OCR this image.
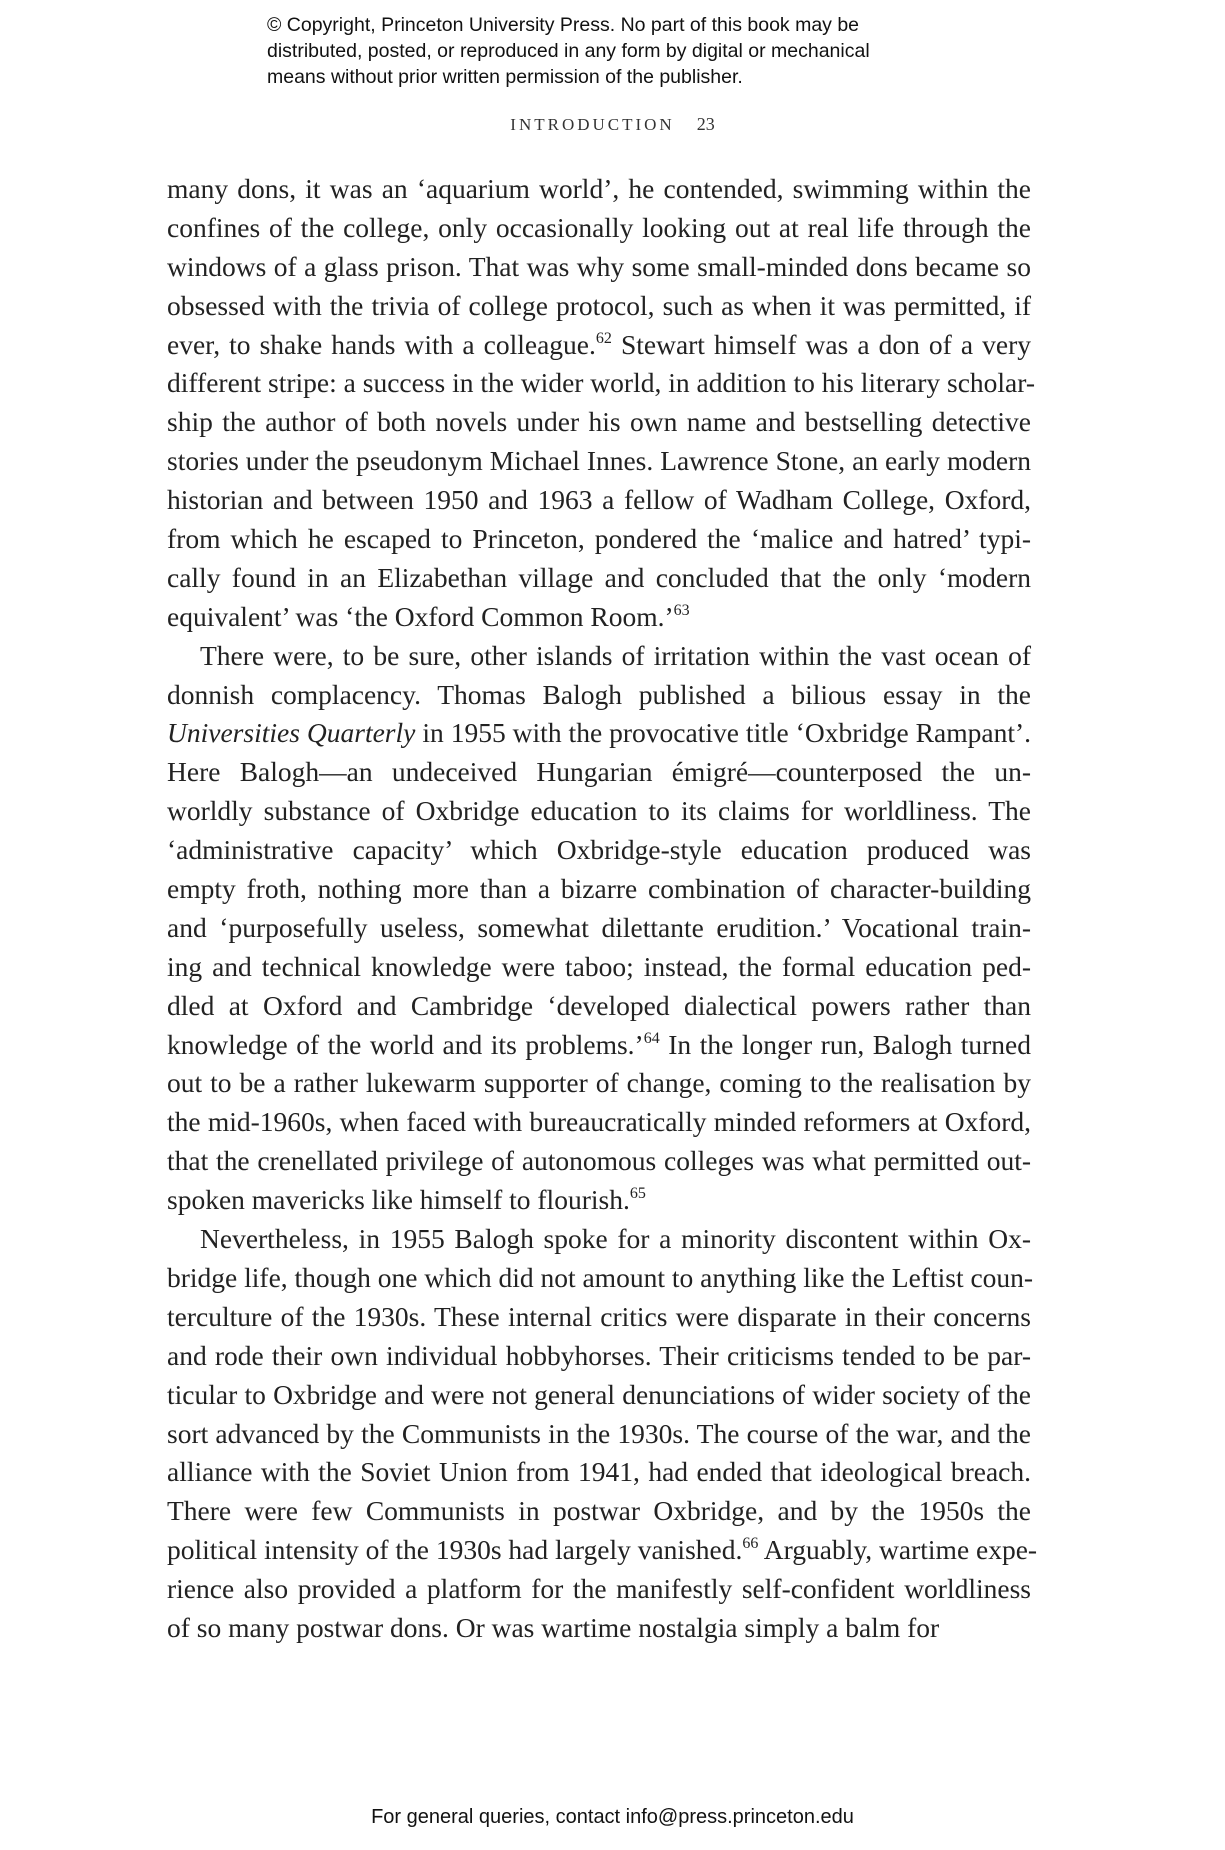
© Copyright, Princeton University Press. No part of this book may be
distributed, posted, or reproduced in any form by digital or mechanical
means without prior written permission of the publisher.
INTRODUCTION 23
many dons, it was an ‘aquarium world’, he contended, swimming within the
confines of the college, only occasionally looking out at real life through the
windows of a glass prison. That was why some small-minded dons became so
obsessed with the trivia of college protocol, such as when it was permitted, if
ever, to shake hands with a colleague.$^{62}$ Stewart himself was a don of a very
different stripe: a success in the wider world, in addition to his literary scholar-
ship the author of both novels under his own name and bestselling detective
stories under the pseudonym Michael Innes. Lawrence Stone, an early modern
historian and between 1950 and 1963 a fellow of Wadham College, Oxford,
from which he escaped to Princeton, pondered the ‘malice and hatred’ typi-
cally found in an Elizabethan village and concluded that the only ‘modern
equivalent’ was ‘the Oxford Common Room.’$^{63}$
There were, to be sure, other islands of irritation within the vast ocean of
donnish complacency. Thomas Balogh published a bilious essay in the
Universities Quarterly in 1955 with the provocative title ‘Oxbridge Rampant’.
Here Balogh—an undeceived Hungarian émigré—counterposed the un-
worldly substance of Oxbridge education to its claims for worldliness. The
‘administrative capacity’ which Oxbridge-style education produced was
empty froth, nothing more than a bizarre combination of character-building
and ‘purposefully useless, somewhat dilettante erudition.’ Vocational train-
ing and technical knowledge were taboo; instead, the formal education ped-
dled at Oxford and Cambridge ‘developed dialectical powers rather than
knowledge of the world and its problems.’$^{64}$ In the longer run, Balogh turned
out to be a rather lukewarm supporter of change, coming to the realisation by
the mid-1960s, when faced with bureaucratically minded reformers at Oxford,
that the crenellated privilege of autonomous colleges was what permitted out-
spoken mavericks like himself to flourish.$^{65}$
Nevertheless, in 1955 Balogh spoke for a minority discontent within Ox-
bridge life, though one which did not amount to anything like the Leftist coun-
terculture of the 1930s. These internal critics were disparate in their concerns
and rode their own individual hobbyhorses. Their criticisms tended to be par-
ticular to Oxbridge and were not general denunciations of wider society of the
sort advanced by the Communists in the 1930s. The course of the war, and the
alliance with the Soviet Union from 1941, had ended that ideological breach.
There were few Communists in postwar Oxbridge, and by the 1950s the
political intensity of the 1930s had largely vanished.$^{66}$ Arguably, wartime expe-
rience also provided a platform for the manifestly self-confident worldliness
of so many postwar dons. Or was wartime nostalgia simply a balm for
For general queries, contact info@press.princeton.edu
